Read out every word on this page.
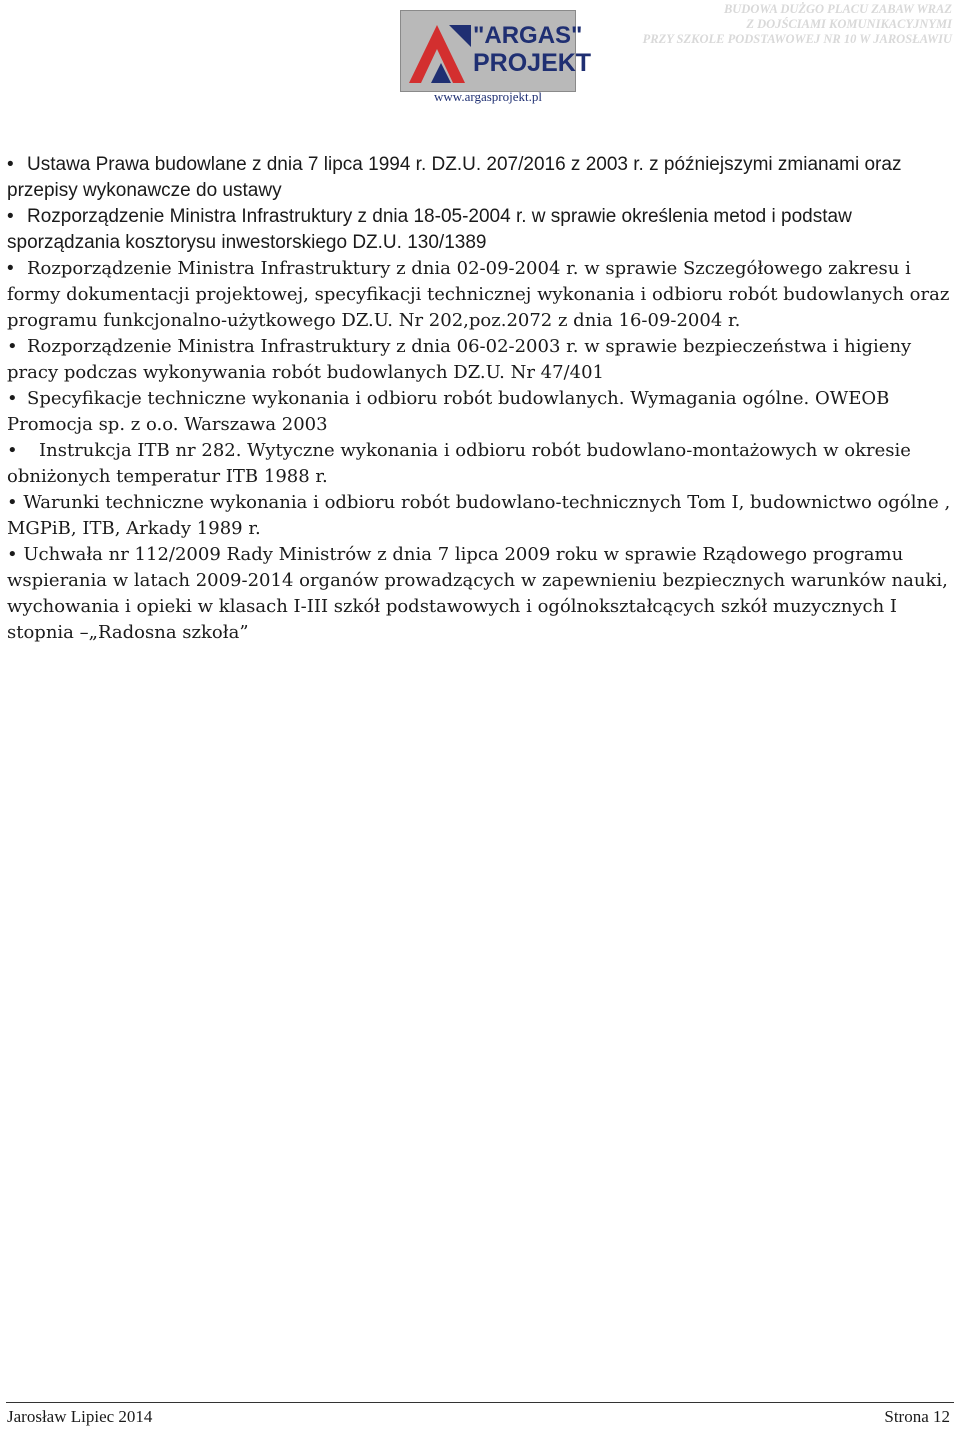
BUDOWA DUŻGO PLACU ZABAW WRAZ
Z DOJŚCIAMI KOMUNIKACYJNYMI
PRZY SZKOLE PODSTAWOWEJ NR 10 W JAROSŁAWIU
"ARGAS"
PROJEKT
www.argasprojekt.pl

• Ustawa Prawa budowlane z dnia 7 lipca 1994 r. DZ.U. 207/2016 z 2003 r. z późniejszymi zmianami oraz przepisy wykonawcze do ustawy

• Rozporządzenie Ministra Infrastruktury z dnia 18-05-2004 r. w sprawie określenia metod i podstaw sporządzania kosztorysu inwestorskiego DZ.U. 130/1389

• Rozporządzenie Ministra Infrastruktury z dnia 02-09-2004 r. w sprawie Szczegółowego zakresu i formy dokumentacji projektowej, specyfikacji technicznej wykonania i odbioru robót budowlanych oraz programu funkcjonalno-użytkowego DZ.U. Nr 202,poz.2072 z dnia 16-09-2004 r.

• Rozporządzenie Ministra Infrastruktury z dnia 06-02-2003 r. w sprawie bezpieczeństwa i higieny pracy podczas wykonywania robót budowlanych DZ.U. Nr 47/401

• Specyfikacje techniczne wykonania i odbioru robót budowlanych. Wymagania ogólne. OWEOB Promocja sp. z o.o. Warszawa 2003

• Instrukcja ITB nr 282. Wytyczne wykonania i odbioru robót budowlano-montażowych w okresie obniżonych temperatur ITB 1988 r.

• Warunki techniczne wykonania i odbioru robót budowlano-technicznych Tom I, budownictwo ogólne , MGPiB, ITB, Arkady 1989 r.

• Uchwała nr 112/2009 Rady Ministrów z dnia 7 lipca 2009 roku w sprawie Rządowego programu wspierania w latach 2009-2014 organów prowadzących w zapewnieniu bezpiecznych warunków nauki, wychowania i opieki w klasach I-III szkół podstawowych i ogólnokształcących szkół muzycznych I stopnia –„Radosna szkoła”

Jarosław Lipiec 2014	Strona 12
